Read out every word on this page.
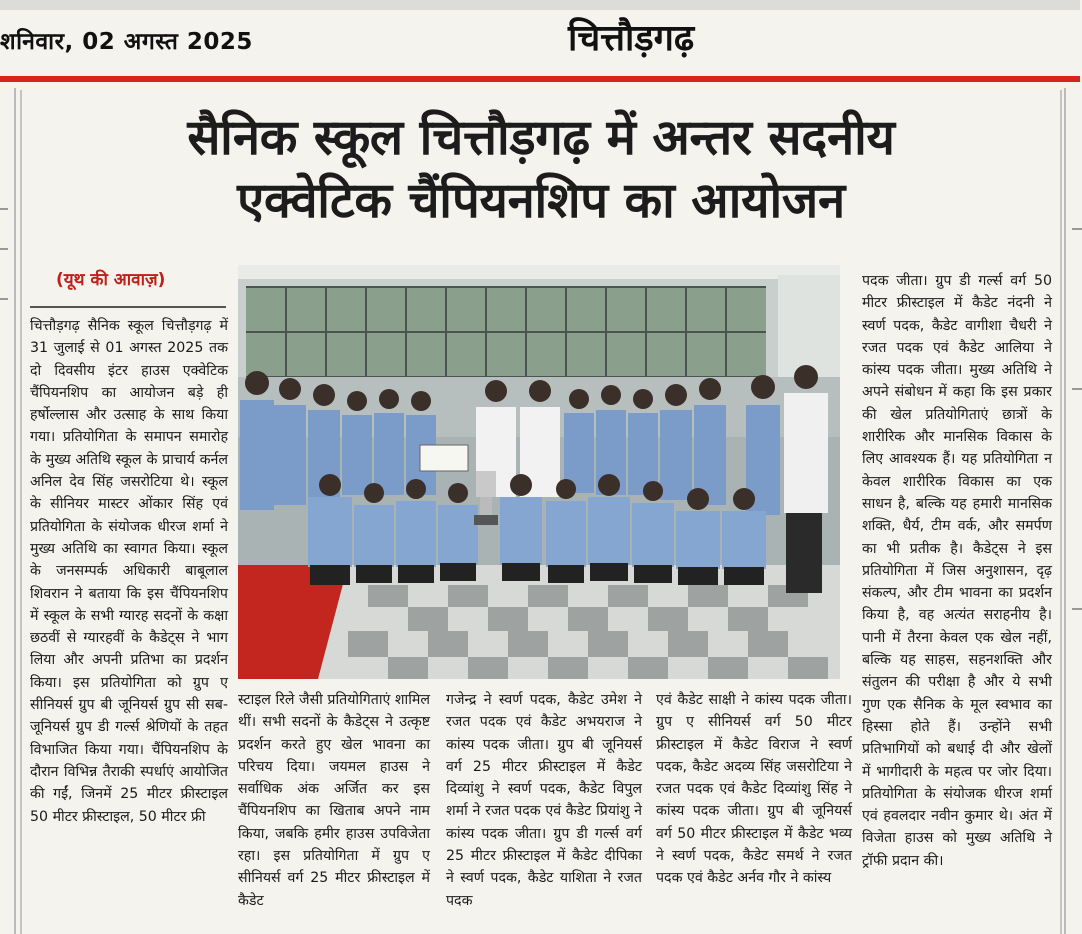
शनिवार, 02 अगस्त 2025	चित्तौड़गढ़
सैनिक स्कूल चित्तौड़गढ़ में अन्तर सदनीय
एक्वेटिक चैंपियनशिप का आयोजन
(यूथ की आवाज़)
चित्तौड़गढ़ सैनिक स्कूल चित्तौड़गढ़ में 31 जुलाई से 01 अगस्त 2025 तक दो दिवसीय इंटर हाउस एक्वेटिक चैंपियनशिप का आयोजन बड़े ही हर्षोल्लास और उत्साह के साथ किया गया। प्रतियोगिता के समापन समारोह के मुख्य अतिथि स्कूल के प्राचार्य कर्नल अनिल देव सिंह जसरोटिया थे। स्कूल के सीनियर मास्टर ओंकार सिंह एवं प्रतियोगिता के संयोजक धीरज शर्मा ने मुख्य अतिथि का स्वागत किया। स्कूल के जनसम्पर्क अधिकारी बाबूलाल शिवरान ने बताया कि इस चैंपियनशिप में स्कूल के सभी ग्यारह सदनों के कक्षा छठवीं से ग्यारहवीं के कैडेट्स ने भाग लिया और अपनी प्रतिभा का प्रदर्शन किया। इस प्रतियोगिता को ग्रुप ए सीनियर्स ग्रुप बी जूनियर्स ग्रुप सी सब-जूनियर्स ग्रुप डी गर्ल्स श्रेणियों के तहत विभाजित किया गया। चैंपियनशिप के दौरान विभिन्न तैराकी स्पर्धाएं आयोजित की गईं, जिनमें 25 मीटर फ्रीस्टाइल 50 मीटर फ्रीस्टाइल, 50 मीटर फ्री
स्टाइल रिले जैसी प्रतियोगिताएं शामिल थीं। सभी सदनों के कैडेट्स ने उत्कृष्ट प्रदर्शन करते हुए खेल भावना का परिचय दिया। जयमल हाउस ने सर्वाधिक अंक अर्जित कर इस चैंपियनशिप का खिताब अपने नाम किया, जबकि हमीर हाउस उपविजेता रहा। इस प्रतियोगिता में ग्रुप ए सीनियर्स वर्ग 25 मीटर फ्रीस्टाइल में कैडेट
गजेन्द्र ने स्वर्ण पदक, कैडेट उमेश ने रजत पदक एवं कैडेट अभयराज ने कांस्य पदक जीता। ग्रुप बी जूनियर्स वर्ग 25 मीटर फ्रीस्टाइल में कैडेट दिव्यांशु ने स्वर्ण पदक, कैडेट विपुल शर्मा ने रजत पदक एवं कैडेट प्रियांशु ने कांस्य पदक जीता। ग्रुप डी गर्ल्स वर्ग 25 मीटर फ्रीस्टाइल में कैडेट दीपिका ने स्वर्ण पदक, कैडेट याशिता ने रजत पदक
एवं कैडेट साक्षी ने कांस्य पदक जीता। ग्रुप ए सीनियर्स वर्ग 50 मीटर फ्रीस्टाइल में कैडेट विराज ने स्वर्ण पदक, कैडेट अदव्य सिंह जसरोटिया ने रजत पदक एवं कैडेट दिव्यांशु सिंह ने कांस्य पदक जीता। ग्रुप बी जूनियर्स वर्ग 50 मीटर फ्रीस्टाइल में कैडेट भव्य ने स्वर्ण पदक, कैडेट समर्थ ने रजत पदक एवं कैडेट अर्नव गौर ने कांस्य
पदक जीता। ग्रुप डी गर्ल्स वर्ग 50 मीटर फ्रीस्टाइल में कैडेट नंदनी ने स्वर्ण पदक, कैडेट वागीशा चैधरी ने रजत पदक एवं कैडेट आलिया ने कांस्य पदक जीता। मुख्य अतिथि ने अपने संबोधन में कहा कि इस प्रकार की खेल प्रतियोगिताएं छात्रों के शारीरिक और मानसिक विकास के लिए आवश्यक हैं। यह प्रतियोगिता न केवल शारीरिक विकास का एक साधन है, बल्कि यह हमारी मानसिक शक्ति, धैर्य, टीम वर्क, और समर्पण का भी प्रतीक है। कैडेट्स ने इस प्रतियोगिता में जिस अनुशासन, दृढ़ संकल्प, और टीम भावना का प्रदर्शन किया है, वह अत्यंत सराहनीय है। पानी में तैरना केवल एक खेल नहीं, बल्कि यह साहस, सहनशक्ति और संतुलन की परीक्षा है और ये सभी गुण एक सैनिक के मूल स्वभाव का हिस्सा होते हैं। उन्होंने सभी प्रतिभागियों को बधाई दी और खेलों में भागीदारी के महत्व पर जोर दिया। प्रतियोगिता के संयोजक धीरज शर्मा एवं हवलदार नवीन कुमार थे। अंत में विजेता हाउस को मुख्य अतिथि ने ट्रॉफी प्रदान की।
